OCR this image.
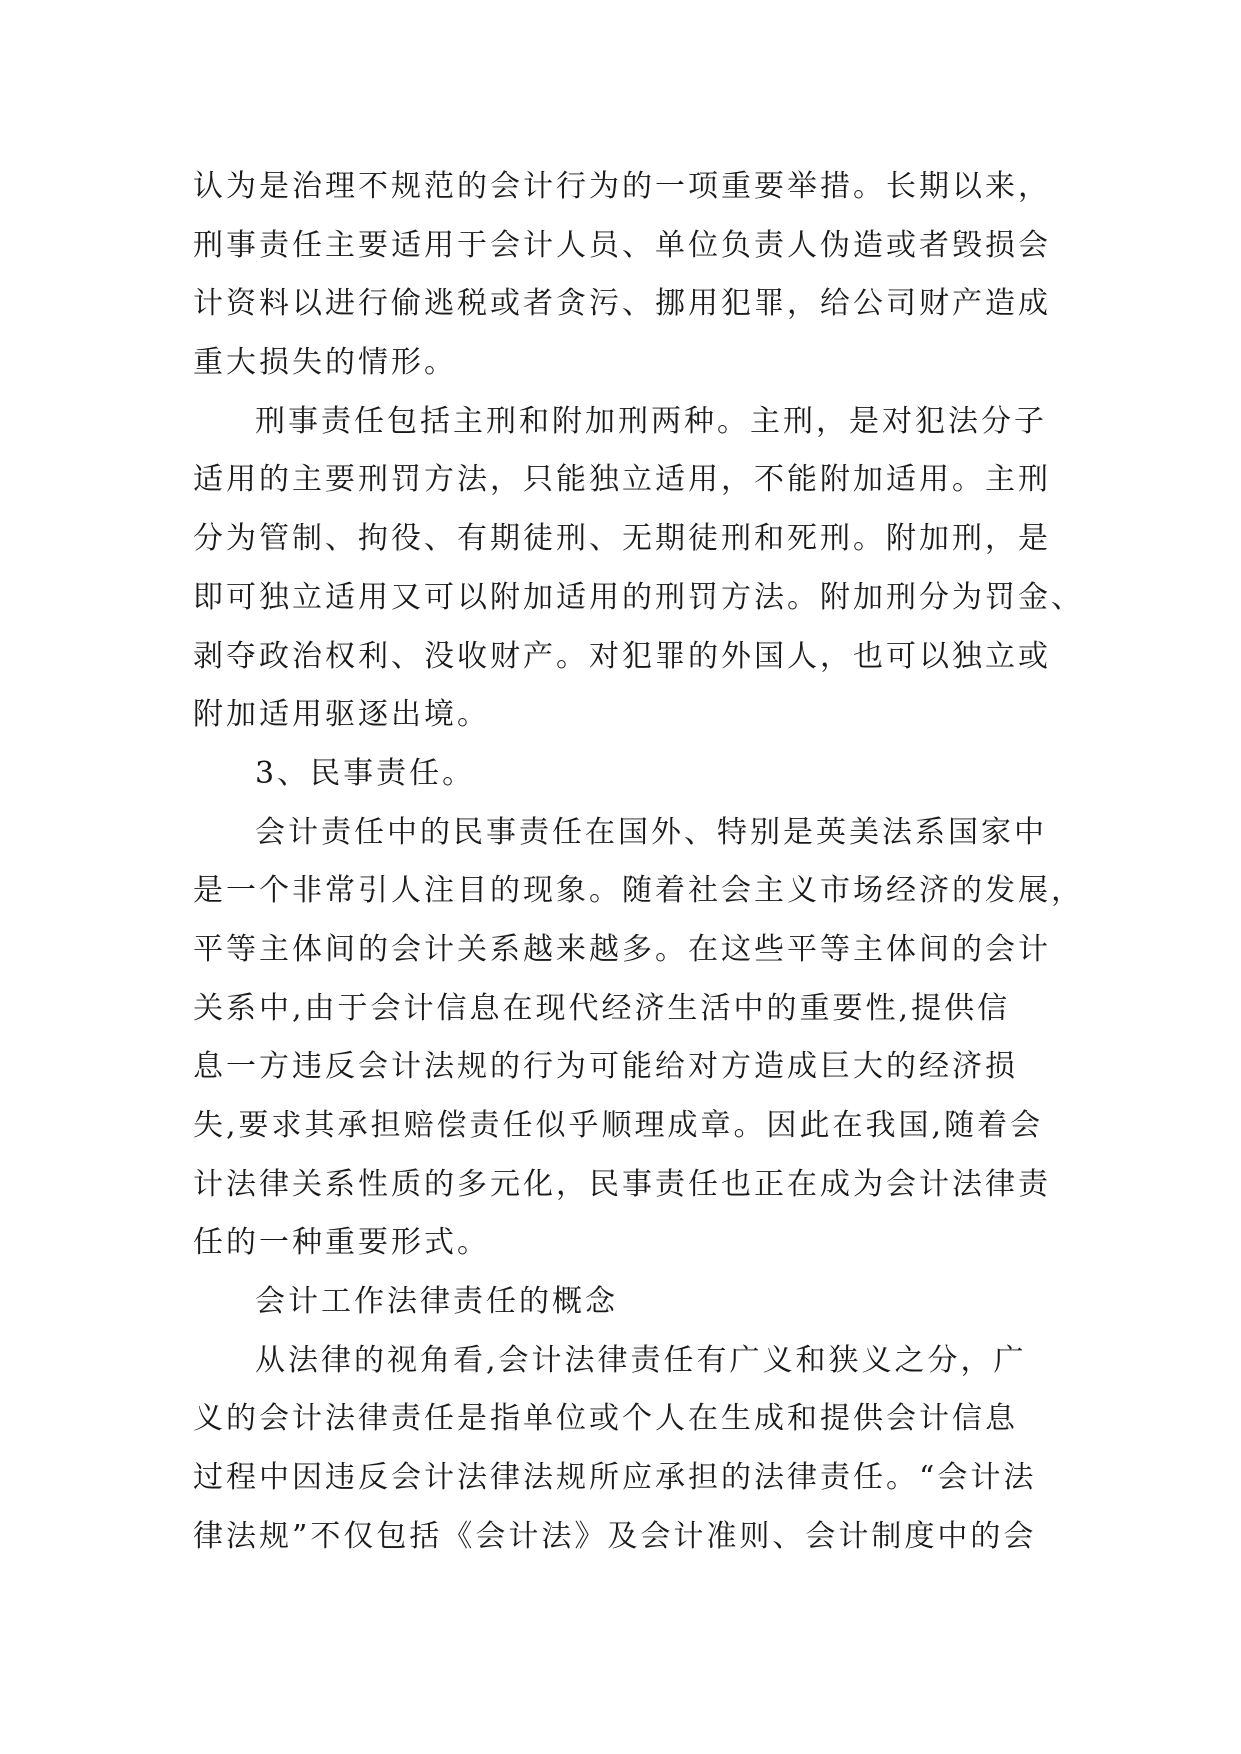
认为是治理不规范的会计行为的一项重要举措。长期以来，
刑事责任主要适用于会计人员、单位负责人伪造或者毁损会
计资料以进行偷逃税或者贪污、挪用犯罪，给公司财产造成
重大损失的情形。
刑事责任包括主刑和附加刑两种。主刑，是对犯法分子
适用的主要刑罚方法，只能独立适用，不能附加适用。主刑
分为管制、拘役、有期徒刑、无期徒刑和死刑。附加刑，是
即可独立适用又可以附加适用的刑罚方法。附加刑分为罚金、
剥夺政治权利、没收财产。对犯罪的外国人，也可以独立或
附加适用驱逐出境。
3、民事责任。
会计责任中的民事责任在国外、特别是英美法系国家中
是一个非常引人注目的现象。随着社会主义市场经济的发展，
平等主体间的会计关系越来越多。在这些平等主体间的会计
关系中,由于会计信息在现代经济生活中的重要性,提供信
息一方违反会计法规的行为可能给对方造成巨大的经济损
失,要求其承担赔偿责任似乎顺理成章。因此在我国,随着会
计法律关系性质的多元化，民事责任也正在成为会计法律责
任的一种重要形式。
会计工作法律责任的概念
从法律的视角看,会计法律责任有广义和狭义之分，广
义的会计法律责任是指单位或个人在生成和提供会计信息
过程中因违反会计法律法规所应承担的法律责任。“会计法
律法规”不仅包括《会计法》及会计准则、会计制度中的会
